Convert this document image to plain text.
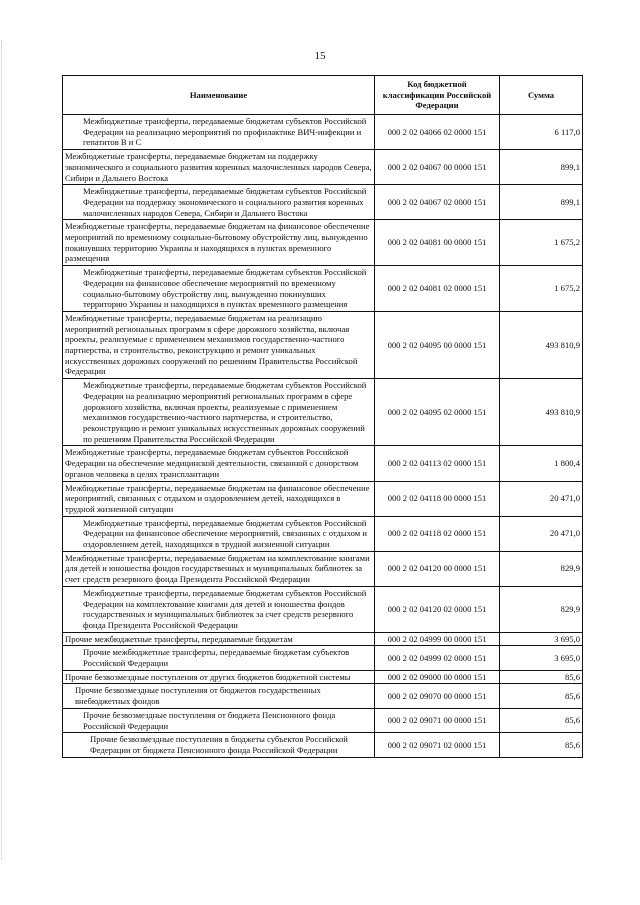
15
Наименование	Код бюджетной классификации Российской Федерации	Сумма
Межбюджетные трансферты, передаваемые бюджетам субъектов Российской Федерации на реализацию мероприятий по профилактике ВИЧ-инфекции и гепатитов В и С	000 2 02 04066 02 0000 151	6 117,0
Межбюджетные трансферты, передаваемые бюджетам на поддержку экономического и социального развития коренных малочисленных народов Севера, Сибири и Дальнего Востока	000 2 02 04067 00 0000 151	899,1
Межбюджетные трансферты, передаваемые бюджетам субъектов Российской Федерации на поддержку экономического и социального развития коренных малочисленных народов Севера, Сибири и Дальнего Востока	000 2 02 04067 02 0000 151	899,1
Межбюджетные трансферты, передаваемые бюджетам на финансовое обеспечение мероприятий по временному социально-бытовому обустройству лиц, вынужденно покинувших территорию Украины и находящихся в пунктах временного размещения	000 2 02 04081 00 0000 151	1 675,2
Межбюджетные трансферты, передаваемые бюджетам субъектов Российской Федерации на финансовое обеспечение мероприятий по временному социально-бытовому обустройству лиц, вынужденно покинувших территорию Украины и находящихся в пунктах временного размещения	000 2 02 04081 02 0000 151	1 675,2
Межбюджетные трансферты, передаваемые бюджетам на реализацию мероприятий региональных программ в сфере дорожного хозяйства, включая проекты, реализуемые с применением механизмов государственно-частного партнерства, и строительство, реконструкцию и ремонт уникальных искусственных дорожных сооружений по решениям Правительства Российской Федерации	000 2 02 04095 00 0000 151	493 810,9
Межбюджетные трансферты, передаваемые бюджетам субъектов Российской Федерации на реализацию мероприятий региональных программ в сфере дорожного хозяйства, включая проекты, реализуемые с применением механизмов государственно-частного партнерства, и строительство, реконструкцию и ремонт уникальных искусственных дорожных сооружений по решениям Правительства Российской Федерации	000 2 02 04095 02 0000 151	493 810,9
Межбюджетные трансферты, передаваемые бюджетам субъектов Российской Федерации на обеспечение медицинской деятельности, связанной с донорством органов человека в целях трансплантации	000 2 02 04113 02 0000 151	1 800,4
Межбюджетные трансферты, передаваемые бюджетам на финансовое обеспечение мероприятий, связанных с отдыхом и оздоровлением детей, находящихся в трудной жизненной ситуации	000 2 02 04118 00 0000 151	20 471,0
Межбюджетные трансферты, передаваемые бюджетам субъектов Российской Федерации на финансовое обеспечение мероприятий, связанных с отдыхом и оздоровлением детей, находящихся в трудной жизненной ситуации	000 2 02 04118 02 0000 151	20 471,0
Межбюджетные трансферты, передаваемые бюджетам на комплектование книгами для детей и юношества фондов государственных и муниципальных библиотек за счет средств резервного фонда Президента Российской Федерации	000 2 02 04120 00 0000 151	829,9
Межбюджетные трансферты, передаваемые бюджетам субъектов Российской Федерации на комплектование книгами для детей и юношества фондов государственных и муниципальных библиотек за счет средств резервного фонда Президента Российской Федерации	000 2 02 04120 02 0000 151	829,9
Прочие межбюджетные трансферты, передаваемые бюджетам	000 2 02 04999 00 0000 151	3 695,0
Прочие межбюджетные трансферты, передаваемые бюджетам субъектов Российской Федерации	000 2 02 04999 02 0000 151	3 695,0
Прочие безвозмездные поступления от других бюджетов бюджетной системы	000 2 02 09000 00 0000 151	85,6
Прочие безвозмездные поступления от бюджетов государственных внебюджетных фондов	000 2 02 09070 00 0000 151	85,6
Прочие безвозмездные поступления от бюджета Пенсионного фонда Российской Федерации	000 2 02 09071 00 0000 151	85,6
Прочие безвозмездные поступления в бюджеты субъектов Российской Федерации от бюджета Пенсионного фонда Российской Федерации	000 2 02 09071 02 0000 151	85,6
